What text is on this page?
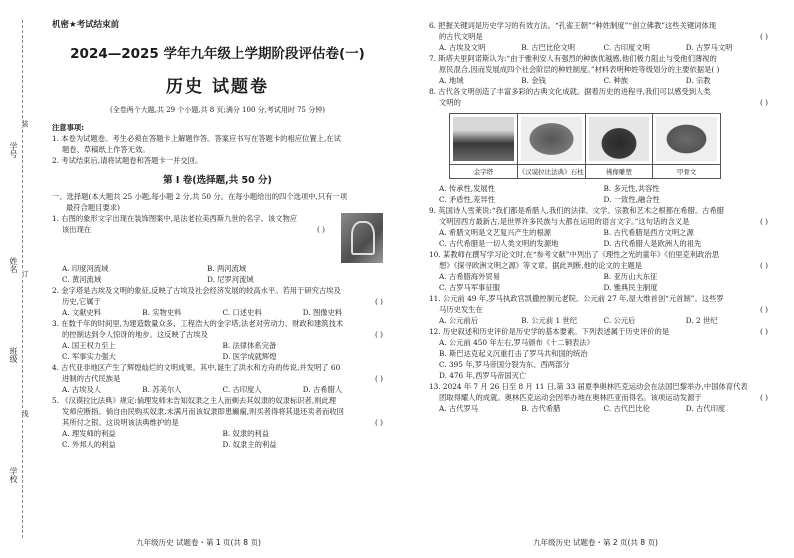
学号
姓名
班级
学校
装
订
线
机密★考试结束前
2024—2025 学年九年级上学期阶段评估卷(一)
历史 试题卷
(全卷两个大题,共 29 个小题,共 8 页;满分 100 分,考试用时 75 分钟)
注意事项:
1. 本卷为试题卷。考生必须在答题卡上解题作答。答案应书写在答题卡的相应位置上,在试
题卷、草稿纸上作答无效。
2. 考试结束后,请将试题卷和答题卡一并交回。
第 Ⅰ 卷(选择题,共 50 分)
一、选择题(本大题共 25 小题,每小题 2 分,共 50 分。在每小题给出的四个选项中,只有一项
最符合题目要求)
1. 右图的象形文字出现在装饰图案中,是法老拉美西斯九世的名字。该文物应
该出现在	( )
A. 印度河流域	B. 两河流域
C. 黄河流域	D. 尼罗河流域
2. 金字塔是古埃及文明的象征,反映了古埃及社会经济发展的较高水平。若用于研究古埃及
历史,它属于	( )
A. 文献史料	B. 实物史料	C. 口述史料	D. 图像史料
3. 在数千年的时间里,为建造数量众多、工程浩大的金字塔,法老对劳动力、财政和建筑技术
的控制达到令人惊讶的地步。这反映了古埃及	( )
A. 国王权力至上	B. 法律体系完备
C. 军事实力强大	D. 医学成就辉煌
4. 古代亚非地区产生了辉煌灿烂的文明成果。其中,诞生了洪水和方舟的传说,并发明了 60
进制的古代民族是	( )
A. 古埃及人	B. 苏美尔人	C. 古印度人	D. 古希腊人
5. 《汉谟拉比法典》规定:倘理发师未告知奴隶之主人而剃去其奴隶的奴隶标识者,则此理
发师应断指。倘自由民购买奴隶,未满月而该奴隶即患癫痫,则买者得将其退还卖者而收回
其所付之银。这说明该法典维护的是	( )
A. 理发师的利益	B. 奴隶的利益
C. 外邦人的利益	D. 奴隶主的利益
九年级历史 试题卷・第 1 页(共 8 页)
6. 把握关键词是历史学习的有效方法。“孔雀王朝”“种姓制度”“创立佛教”这些关键词体现
的古代文明是	( )
A. 古埃及文明	B. 古巴比伦文明	C. 古印度文明	D. 古罗马文明
7. 斯塔夫里阿诺斯认为:“由于雅利安人有强烈的种族优越感,他们极力阻止与受他们薄视的
原民混合,因而发展成四个社会阶层的种姓制度。”材料表明种姓等级划分的主要依据是( )
A. 地域	B. 金钱	C. 种族	D. 宗教
8. 古代各文明创造了丰富多彩的古典文化成就。据着历史的进程寻,我们可以感受到人类
文明的	( )
金字塔	《汉谟拉比法典》石柱	佛像雕塑	甲骨文
A. 传承性,发展性	B. 多元性,共容性
C. 矛盾性,差异性	D. 一致性,融合性
9. 英国诗人雪莱说:“我们都是希腊人,我们的法律、文学、宗教和艺术之根都在希腊。古希腊
文明因西方最新古,是世界许多民族与大都在运用的语言文字。”这句话的含义是	( )
A. 希腊文明是文艺复兴产生的根源	B. 古代希腊是西方文明之源
C. 古代希腊是一切人类文明的发源地	D. 古代希腊人是欧洲人的祖先
10. 某教师在撰写学习论文时,在“参考文献”中列出了《理性之光的童年》《伯里克利政治思
想》《探寻欧洲文明之源》等文章。据此判断,他的论文的主题是	( )
A. 古希腊海外贸易	B. 亚历山大东征
C. 古罗马军事征服	D. 雅典民主制度
11. 公元前 49 年,罗马执政官凯撒控制元老院。公元前 27 年,屋大维首创“元首制”。这些罗
马历史发生在	( )
A. 公元前后	B. 公元前 1 世纪	C. 公元后	D. 2 世纪
12. 历史叙述和历史评价是历史学的基本要素。下列表述属于历史评价的是	( )
A. 公元前 450 年左右,罗马颁布《十二铜表法》
B. 斯巴达克起义沉重打击了罗马共和国的统治
C. 395 年,罗马帝国分裂为东、西两部分
D. 476 年,西罗马帝国灭亡
13. 2024 年 7 月 26 日至 8 月 11 日,第 33 届夏季奥林匹克运动会在法国巴黎举办,中国体育代表
团取得耀人的成就。奥林匹克运动会因举办地在奥林匹亚而得名。该项运动发源于	( )
A. 古代罗马	B. 古代希腊	C. 古代巴比伦	D. 古代印度
九年级历史 试题卷・第 2 页(共 8 页)
